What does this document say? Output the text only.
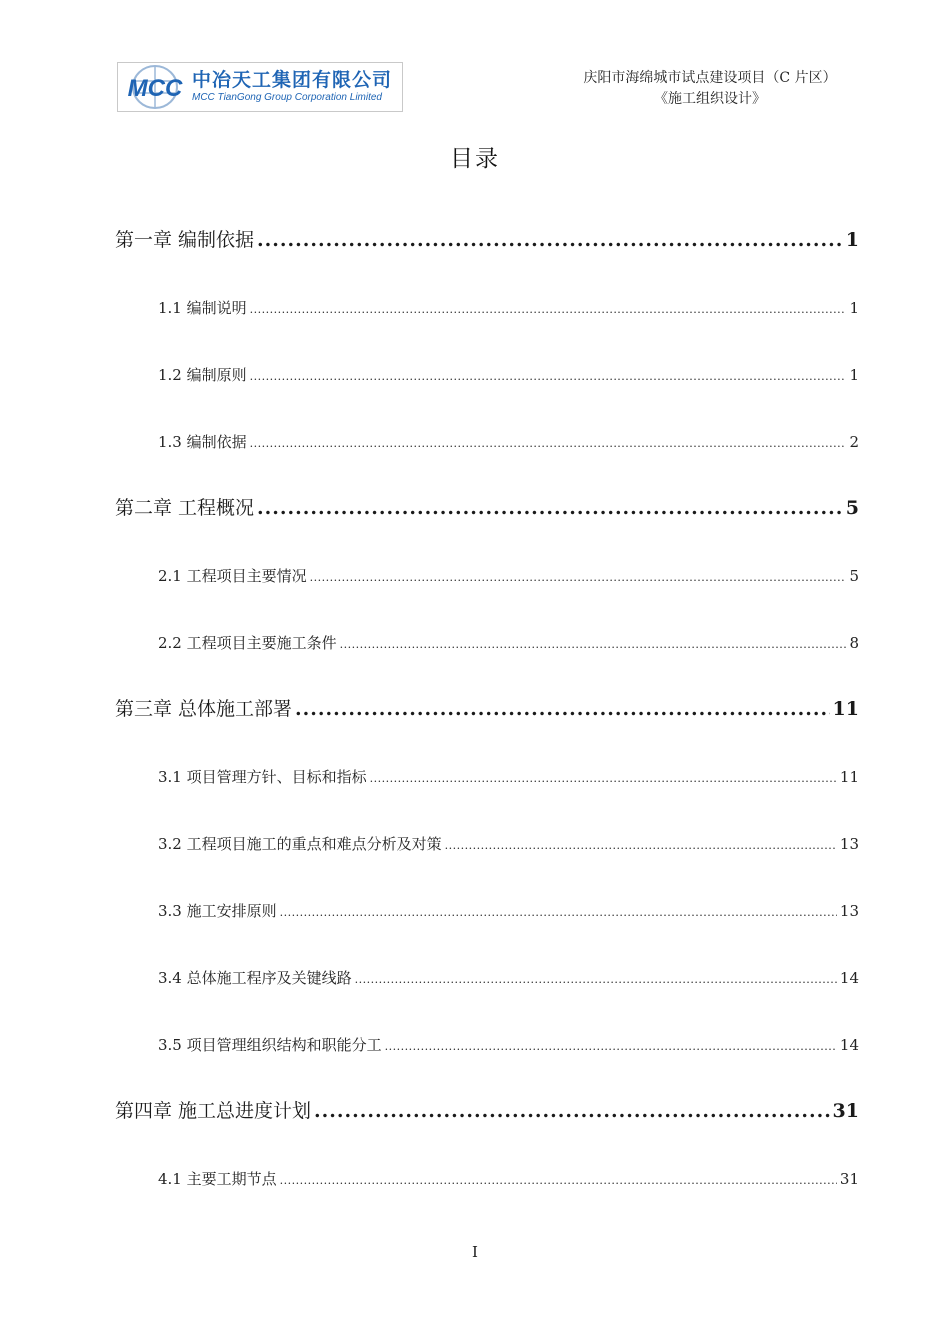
MCC 中冶天工集团有限公司
MCC TianGong Group Corporation Limited
庆阳市海绵城市试点建设项目（C 片区）
《施工组织设计》
目录
第一章 编制依据 .....	1
1.1 编制说明 .....	1
1.2 编制原则 .....	1
1.3 编制依据 .....	2
第二章 工程概况 .....	5
2.1 工程项目主要情况 .....	5
2.2 工程项目主要施工条件 .....	8
第三章 总体施工部署 .....	11
3.1 项目管理方针、目标和指标 .....	11
3.2 工程项目施工的重点和难点分析及对策 .....	13
3.3 施工安排原则 .....	13
3.4 总体施工程序及关键线路 .....	14
3.5 项目管理组织结构和职能分工 .....	14
第四章 施工总进度计划 .....	31
4.1 主要工期节点 .....	31
I
